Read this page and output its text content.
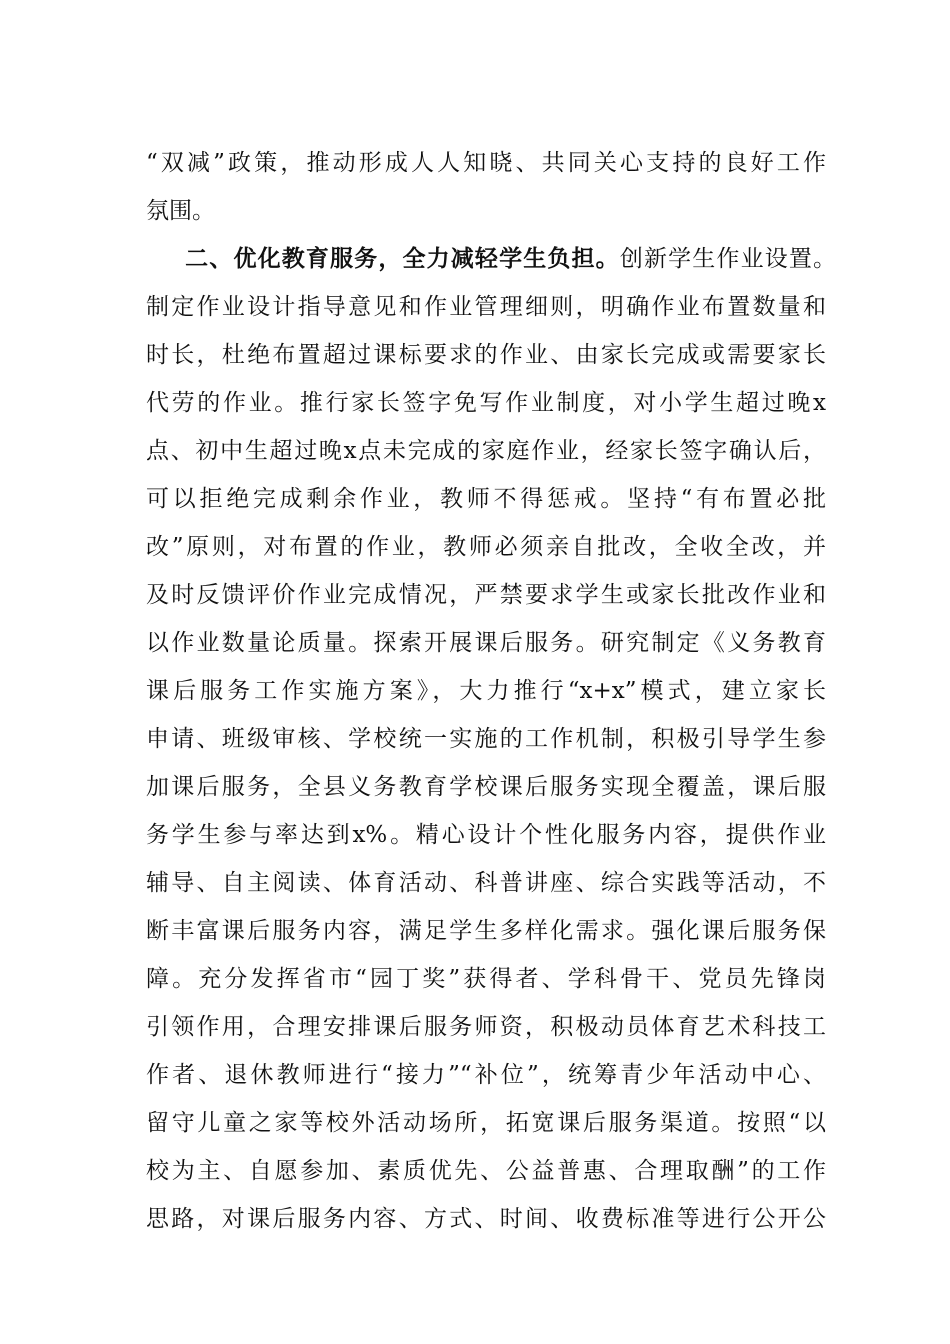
“双减”政策，推动形成人人知晓、共同关心支持的良好工作
氛围。
二、优化教育服务，全力减轻学生负担。创新学生作业设置。
制定作业设计指导意见和作业管理细则，明确作业布置数量和
时长，杜绝布置超过课标要求的作业、由家长完成或需要家长
代劳的作业。推行家长签字免写作业制度，对小学生超过晚x
点、初中生超过晚x点未完成的家庭作业，经家长签字确认后，
可以拒绝完成剩余作业，教师不得惩戒。坚持“有布置必批
改”原则，对布置的作业，教师必须亲自批改，全收全改，并
及时反馈评价作业完成情况，严禁要求学生或家长批改作业和
以作业数量论质量。探索开展课后服务。研究制定《义务教育
课后服务工作实施方案》，大力推行“x+x”模式，建立家长
申请、班级审核、学校统一实施的工作机制，积极引导学生参
加课后服务，全县义务教育学校课后服务实现全覆盖，课后服
务学生参与率达到x%。精心设计个性化服务内容，提供作业
辅导、自主阅读、体育活动、科普讲座、综合实践等活动，不
断丰富课后服务内容，满足学生多样化需求。强化课后服务保
障。充分发挥省市“园丁奖”获得者、学科骨干、党员先锋岗
引领作用，合理安排课后服务师资，积极动员体育艺术科技工
作者、退休教师进行“接力”“补位”，统筹青少年活动中心、
留守儿童之家等校外活动场所，拓宽课后服务渠道。按照“以
校为主、自愿参加、素质优先、公益普惠、合理取酬”的工作
思路，对课后服务内容、方式、时间、收费标准等进行公开公
